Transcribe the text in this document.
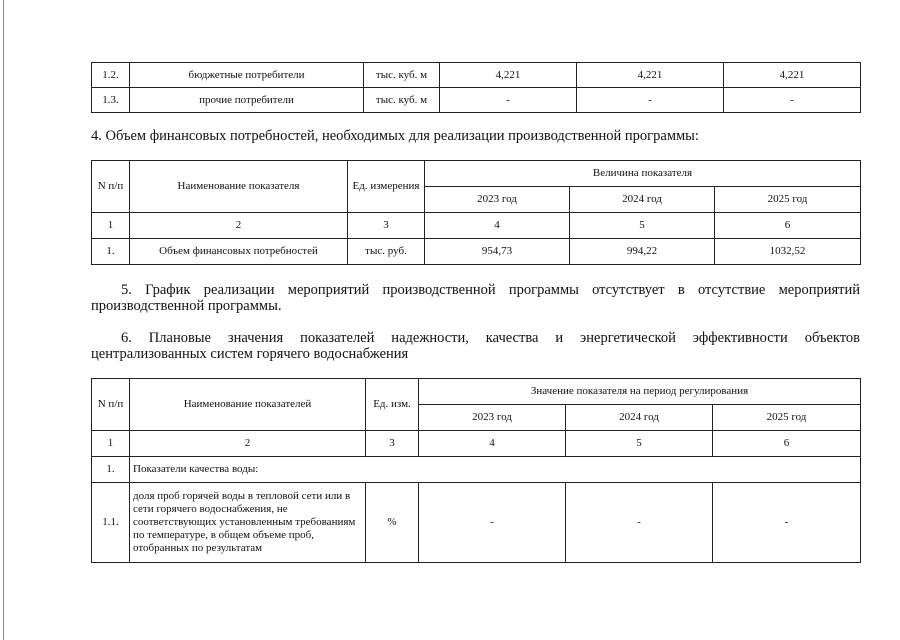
1.2.	бюджетные потребители	тыс. куб. м	4,221	4,221	4,221
1.3.	прочие потребители	тыс. куб. м	-	-	-

4. Объем финансовых потребностей, необходимых для реализации производственной программы:

N п/п	Наименование показателя	Ед. измерения	Величина показателя		
			2023 год	2024 год	2025 год
1	2	3	4	5	6
1.	Объем финансовых потребностей	тыс. руб.	954,73	994,22	1032,52

5. График реализации мероприятий производственной программы отсутствует в отсутствие мероприятий

производственной программы.

6. Плановые значения показателей надежности, качества и энергетической эффективности объектов

централизованных систем горячего водоснабжения

N п/п	Наименование показателей	Ед. изм.	Значение показателя на период регулирования		
			2023 год	2024 год	2025 год
1	2	3	4	5	6
1.	Показатели качества воды:				
1.1.	доля проб горячей воды в тепловой сети или в сети горячего водоснабжения, не соответствующих установленным требованиям по температуре, в общем объеме проб, отобранных по результатам	%	-	-	-
